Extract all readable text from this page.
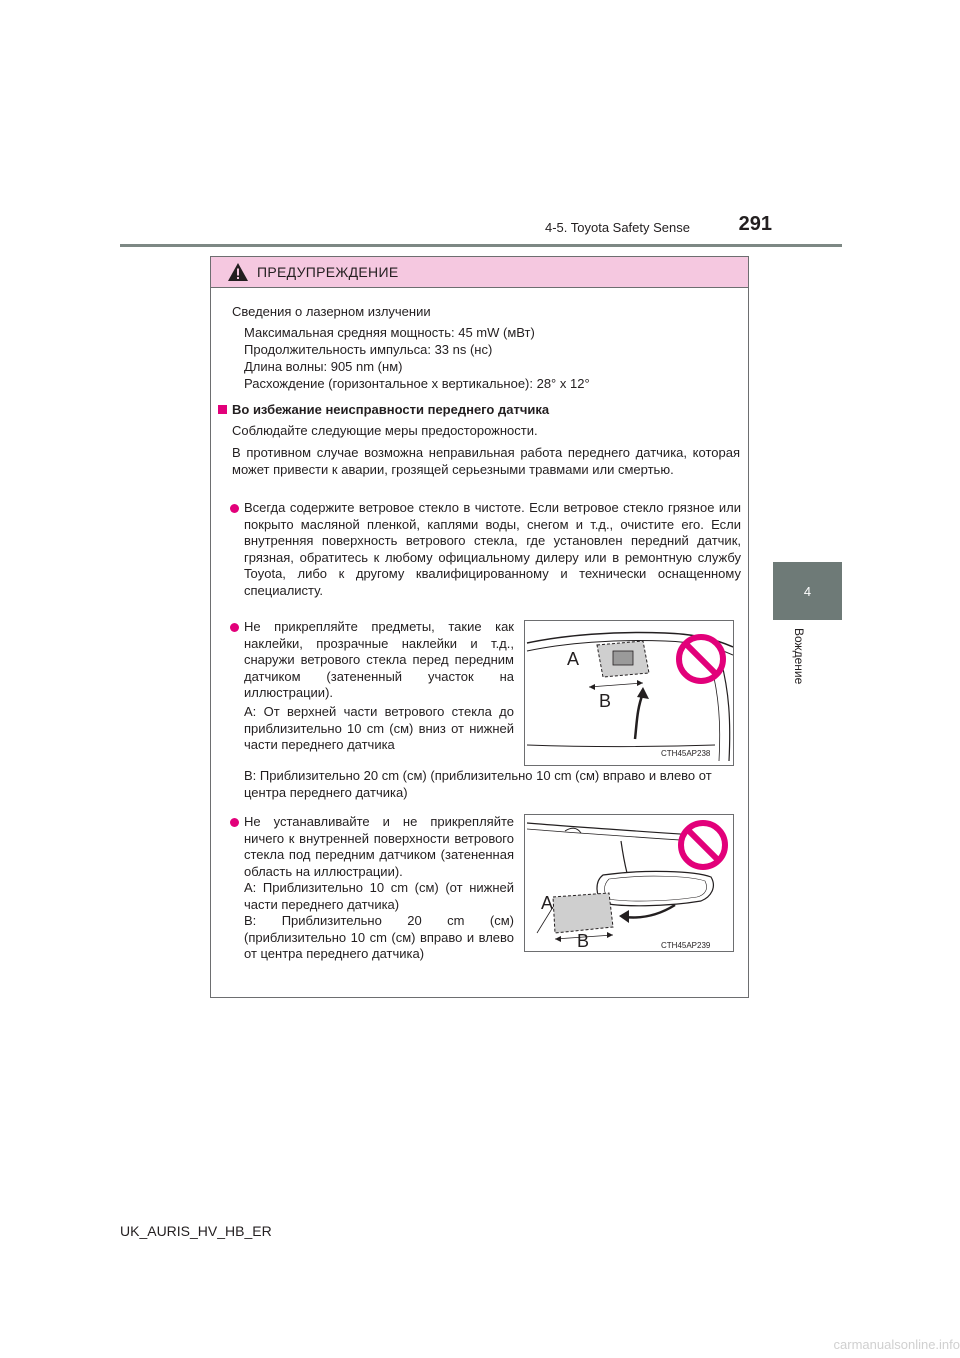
4-5. Toyota Safety Sense	291
4
Вождение
ПРЕДУПРЕЖДЕНИЕ
Сведения о лазерном излучении
Максимальная средняя мощность: 45 mW (мВт)
Продолжительность импульса: 33 ns (нс)
Длина волны: 905 nm (нм)
Расхождение (горизонтальное x вертикальное): 28° x 12°
Во избежание неисправности переднего датчика
Соблюдайте следующие меры предосторожности.
В противном случае возможна неправильная работа переднего датчика, которая может привести к аварии, грозящей серьезными травмами или смертью.
Всегда содержите ветровое стекло в чистоте. Если ветровое стекло грязное или покрыто масляной пленкой, каплями воды, снегом и т.д., очистите его. Если внутренняя поверхность ветрового стекла, где установлен передний датчик, грязная, обратитесь к любому официальному дилеру или в ремонтную службу Toyota, либо к другому квалифицированному и технически оснащенному специалисту.
Не прикрепляйте предметы, такие как наклейки, прозрачные наклейки и т.д., снаружи ветрового стекла перед передним датчиком (затененный участок на иллюстрации).
A: От верхней части ветрового стекла до приблизительно 10 cm (см) вниз от нижней части переднего датчика
B: Приблизительно 20 cm (см) (приблизительно 10 cm (см) вправо и влево от центра переднего датчика)
A
B
CTH45AP238
Не устанавливайте и не прикрепляйте ничего к внутренней поверхности ветрового стекла под передним датчиком (затененная область на иллюстрации).
A: Приблизительно 10 cm (см) (от нижней части переднего датчика)
B: Приблизительно 20 cm (см) (приблизительно 10 cm (см) вправо и влево от центра переднего датчика)
A
B	CTH45AP239
UK_AURIS_HV_HB_ER
carmanualsonline.info
